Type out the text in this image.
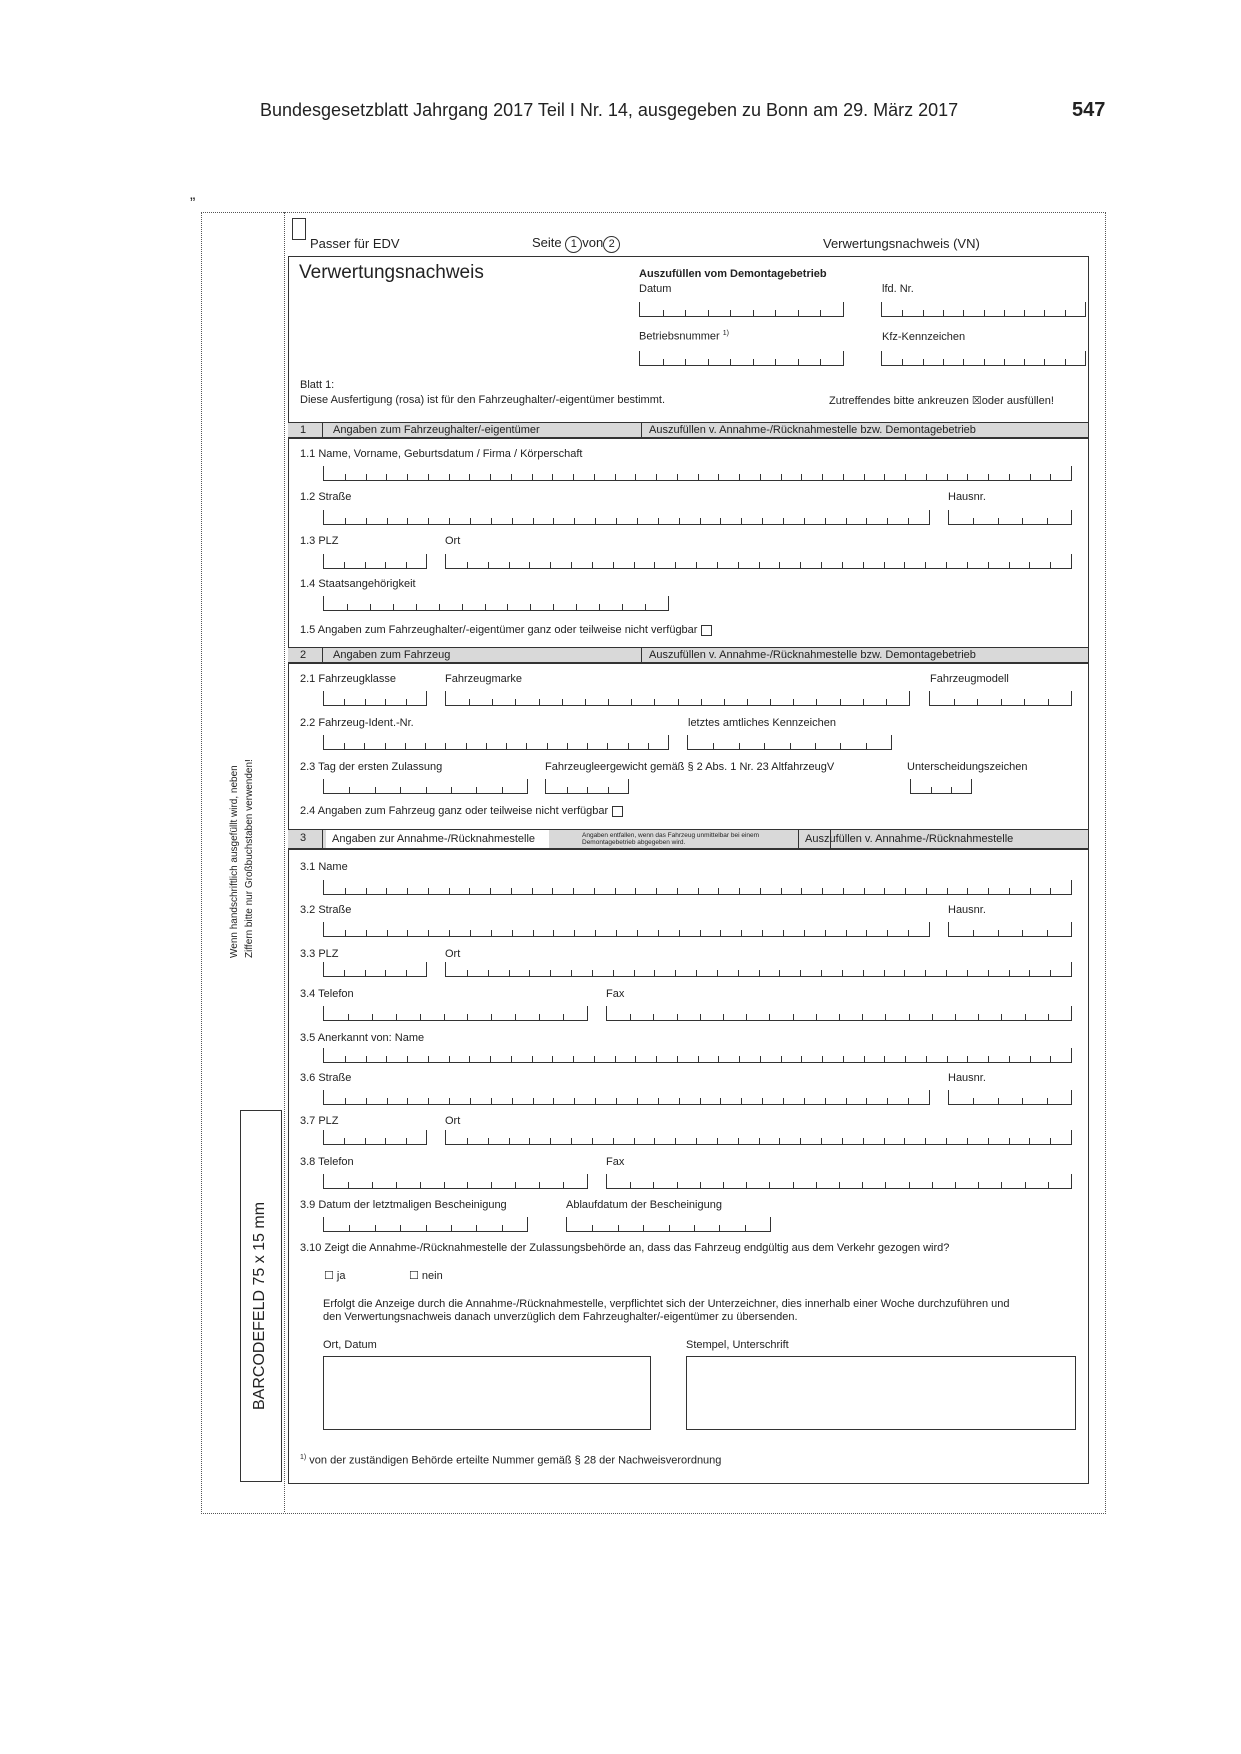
Bundesgesetzblatt Jahrgang 2017 Teil I Nr. 14, ausgegeben zu Bonn am 29. März 2017	547
„
Wenn handschriftlich ausgefüllt wird, neben Ziffern bitte nur Großbuchstaben verwenden!
BARCODEFELD 75 x 15 mm
Passer für EDV	Seite 1 von 2	Verwertungsnachweis (VN)
Verwertungsnachweis	Auszufüllen vom Demontagebetrieb
Datum	lfd. Nr.
Betriebsnummer $^{1)}$	Kfz-Kennzeichen
Blatt 1:
Diese Ausfertigung (rosa) ist für den Fahrzeughalter/-eigentümer bestimmt.	Zutreffendes bitte ankreuzen ☒oder ausfüllen!
1 Angaben zum Fahrzeughalter/-eigentümer	Auszufüllen v. Annahme-/Rücknahmestelle bzw. Demontagebetrieb
1.1 Name, Vorname, Geburtsdatum / Firma / Körperschaft
1.2 Straße	Hausnr.
1.3 PLZ	Ort
1.4 Staatsangehörigkeit
1.5 Angaben zum Fahrzeughalter/-eigentümer ganz oder teilweise nicht verfügbar
2 Angaben zum Fahrzeug	Auszufüllen v. Annahme-/Rücknahmestelle bzw. Demontagebetrieb
2.1 Fahrzeugklasse	Fahrzeugmarke	Fahrzeugmodell
2.2 Fahrzeug-Ident.-Nr.	letztes amtliches Kennzeichen
2.3 Tag der ersten Zulassung	Fahrzeugleergewicht gemäß § 2 Abs. 1 Nr. 23 AltfahrzeugV	Unterscheidungszeichen
2.4 Angaben zum Fahrzeug ganz oder teilweise nicht verfügbar
3	Angaben zur Annahme-/Rücknahmestelle	Angaben entfallen, wenn das Fahrzeug unmittelbar bei einem Demontagebetrieb abgegeben wird.	Auszufüllen v. Annahme-/Rücknahmestelle
3.1 Name
3.2 Straße	Hausnr.
3.3 PLZ	Ort
3.4 Telefon	Fax
3.5 Anerkannt von: Name
3.6 Straße	Hausnr.
3.7 PLZ	Ort
3.8 Telefon	Fax
3.9 Datum der letztmaligen Bescheinigung	Ablaufdatum der Bescheinigung
3.10 Zeigt die Annahme-/Rücknahmestelle der Zulassungsbehörde an, dass das Fahrzeug endgültig aus dem Verkehr gezogen wird?
☐ ja	☐ nein
Erfolgt die Anzeige durch die Annahme-/Rücknahmestelle, verpflichtet sich der Unterzeichner, dies innerhalb einer Woche durchzuführen und
den Verwertungsnachweis danach unverzüglich dem Fahrzeughalter/-eigentümer zu übersenden.
Ort, Datum	Stempel, Unterschrift
$^{1)}$ von der zuständigen Behörde erteilte Nummer gemäß § 28 der Nachweisverordnung
